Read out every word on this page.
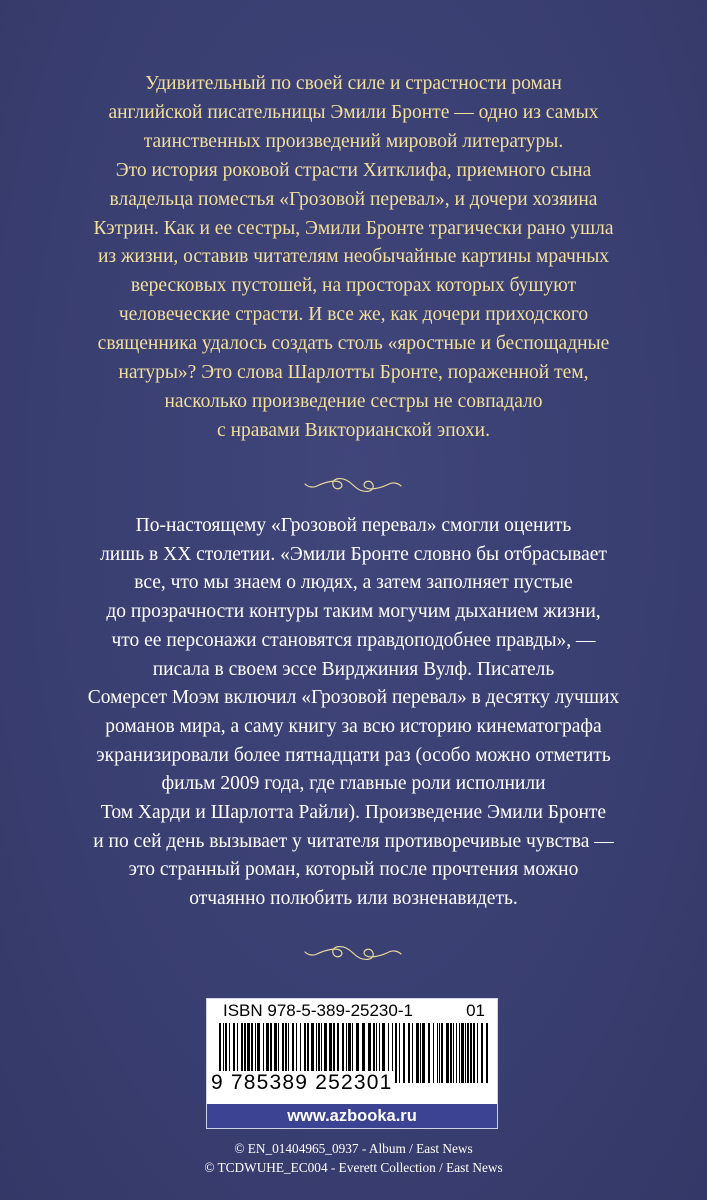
Удивительный по своей силе и страстности роман
английской писательницы Эмили Бронте — одно из самых
таинственных произведений мировой литературы.
Это история роковой страсти Хитклифа, приемного сына
владельца поместья «Грозовой перевал», и дочери хозяина
Кэтрин. Как и ее сестры, Эмили Бронте трагически рано ушла
из жизни, оставив читателям необычайные картины мрачных
вересковых пустошей, на просторах которых бушуют
человеческие страсти. И все же, как дочери приходского
священника удалось создать столь «яростные и беспощадные
натуры»? Это слова Шарлотты Бронте, пораженной тем,
насколько произведение сестры не совпадало
с нравами Викторианской эпохи.

По-настоящему «Грозовой перевал» смогли оценить
лишь в XX столетии. «Эмили Бронте словно бы отбрасывает
все, что мы знаем о людях, а затем заполняет пустые
до прозрачности контуры таким могучим дыханием жизни,
что ее персонажи становятся правдоподобнее правды», —
писала в своем эссе Вирджиния Вулф. Писатель
Сомерсет Моэм включил «Грозовой перевал» в десятку лучших
романов мира, а саму книгу за всю историю кинематографа
экранизировали более пятнадцати раз (особо можно отметить
фильм 2009 года, где главные роли исполнили
Том Харди и Шарлотта Райли). Произведение Эмили Бронте
и по сей день вызывает у читателя противоречивые чувства —
это странный роман, который после прочтения можно
отчаянно полюбить или возненавидеть.

ISBN 978-5-389-25230-1	01
9 785389 252301
www.azbooka.ru
© EN_01404965_0937 - Album / East News
© TCDWUHE_EC004 - Everett Collection / East News
